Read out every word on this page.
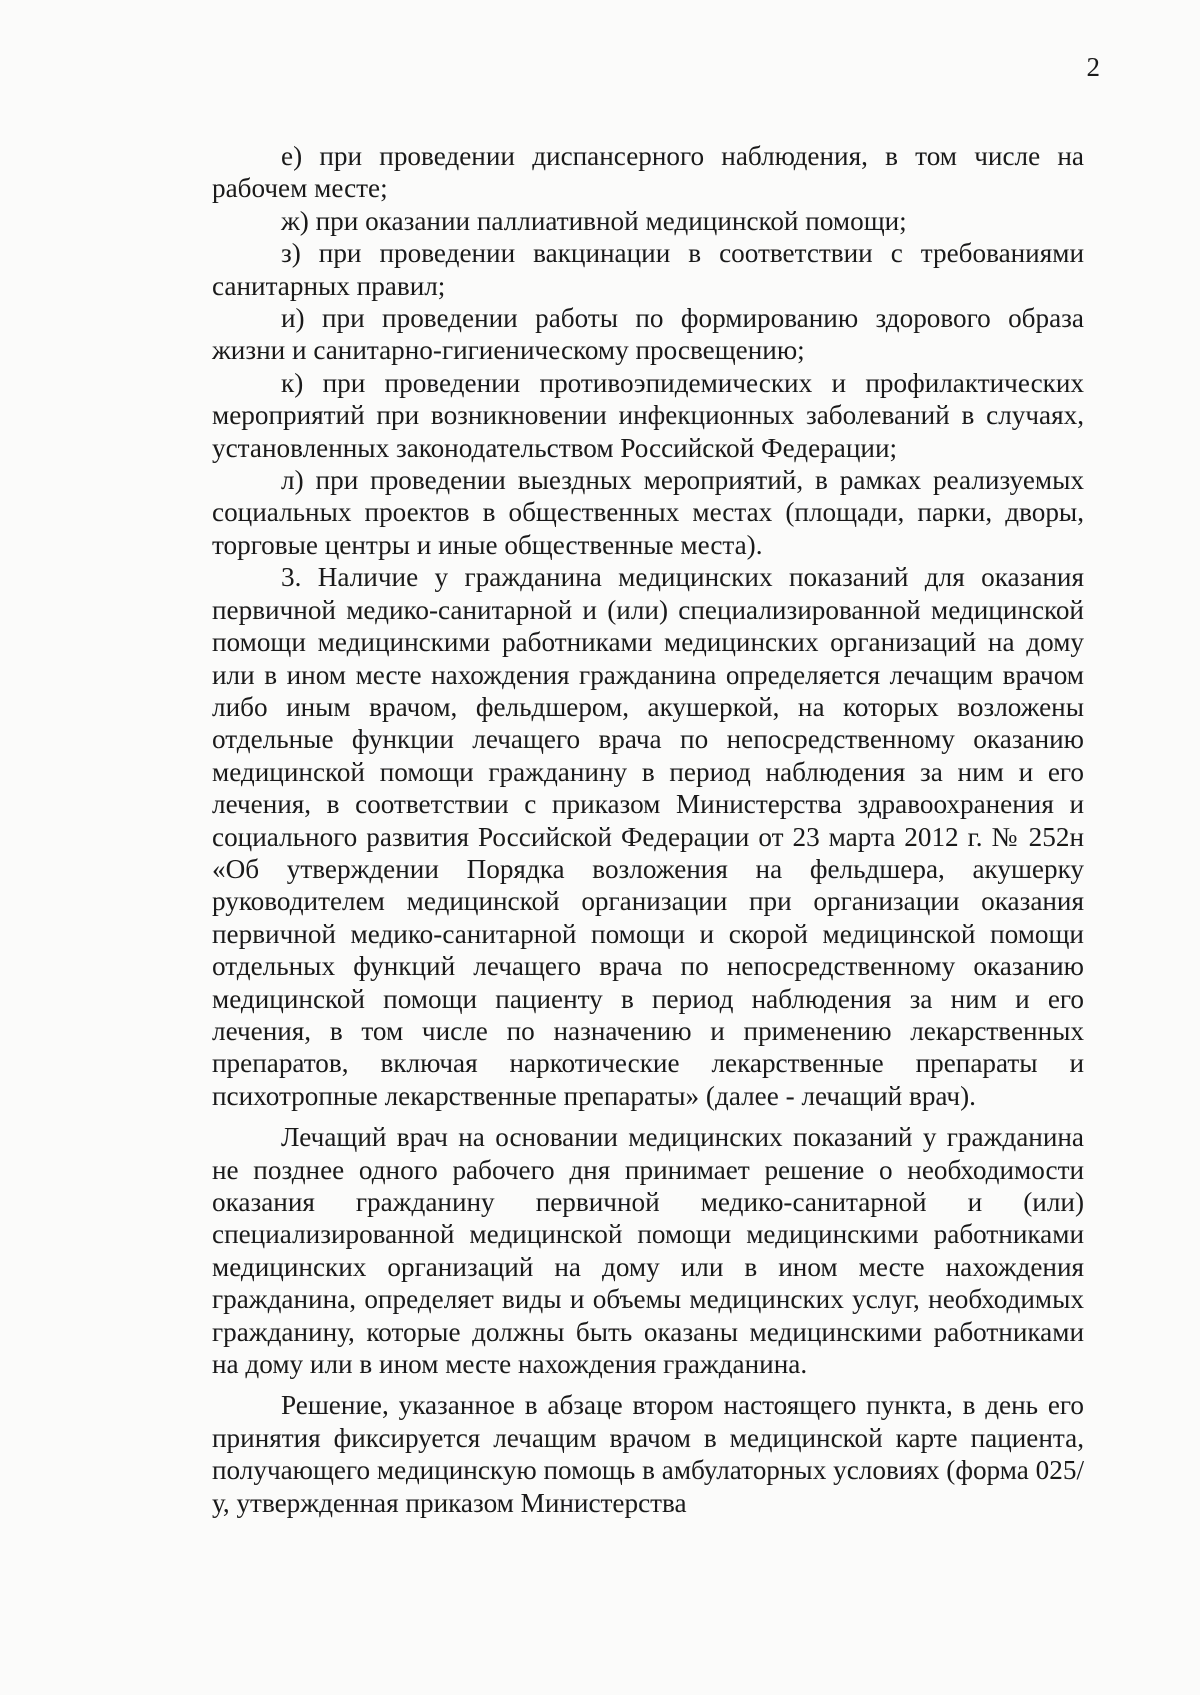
2

е) при проведении диспансерного наблюдения, в том числе на рабочем месте;

ж) при оказании паллиативной медицинской помощи;

з) при проведении вакцинации в соответствии с требованиями санитарных правил;

и) при проведении работы по формированию здорового образа жизни и санитарно-гигиеническому просвещению;

к) при проведении противоэпидемических и профилактических мероприятий при возникновении инфекционных заболеваний в случаях, установленных законодательством Российской Федерации;

л) при проведении выездных мероприятий, в рамках реализуемых социальных проектов в общественных местах (площади, парки, дворы, торговые центры и иные общественные места).

3. Наличие у гражданина медицинских показаний для оказания первичной медико-санитарной и (или) специализированной медицинской помощи медицинскими работниками медицинских организаций на дому или в ином месте нахождения гражданина определяется лечащим врачом либо иным врачом, фельдшером, акушеркой, на которых возложены отдельные функции лечащего врача по непосредственному оказанию медицинской помощи гражданину в период наблюдения за ним и его лечения, в соответствии с приказом Министерства здравоохранения и социального развития Российской Федерации от 23 марта 2012 г. № 252н «Об утверждении Порядка возложения на фельдшера, акушерку руководителем медицинской организации при организации оказания первичной медико-санитарной помощи и скорой медицинской помощи отдельных функций лечащего врача по непосредственному оказанию медицинской помощи пациенту в период наблюдения за ним и его лечения, в том числе по назначению и применению лекарственных препаратов, включая наркотические лекарственные препараты и психотропные лекарственные препараты» (далее - лечащий врач).

Лечащий врач на основании медицинских показаний у гражданина не позднее одного рабочего дня принимает решение о необходимости оказания гражданину первичной медико-санитарной и (или) специализированной медицинской помощи медицинскими работниками медицинских организаций на дому или в ином месте нахождения гражданина, определяет виды и объемы медицинских услуг, необходимых гражданину, которые должны быть оказаны медицинскими работниками на дому или в ином месте нахождения гражданина.

Решение, указанное в абзаце втором настоящего пункта, в день его принятия фиксируется лечащим врачом в медицинской карте пациента, получающего медицинскую помощь в амбулаторных условиях (форма 025/у, утвержденная приказом Министерства
